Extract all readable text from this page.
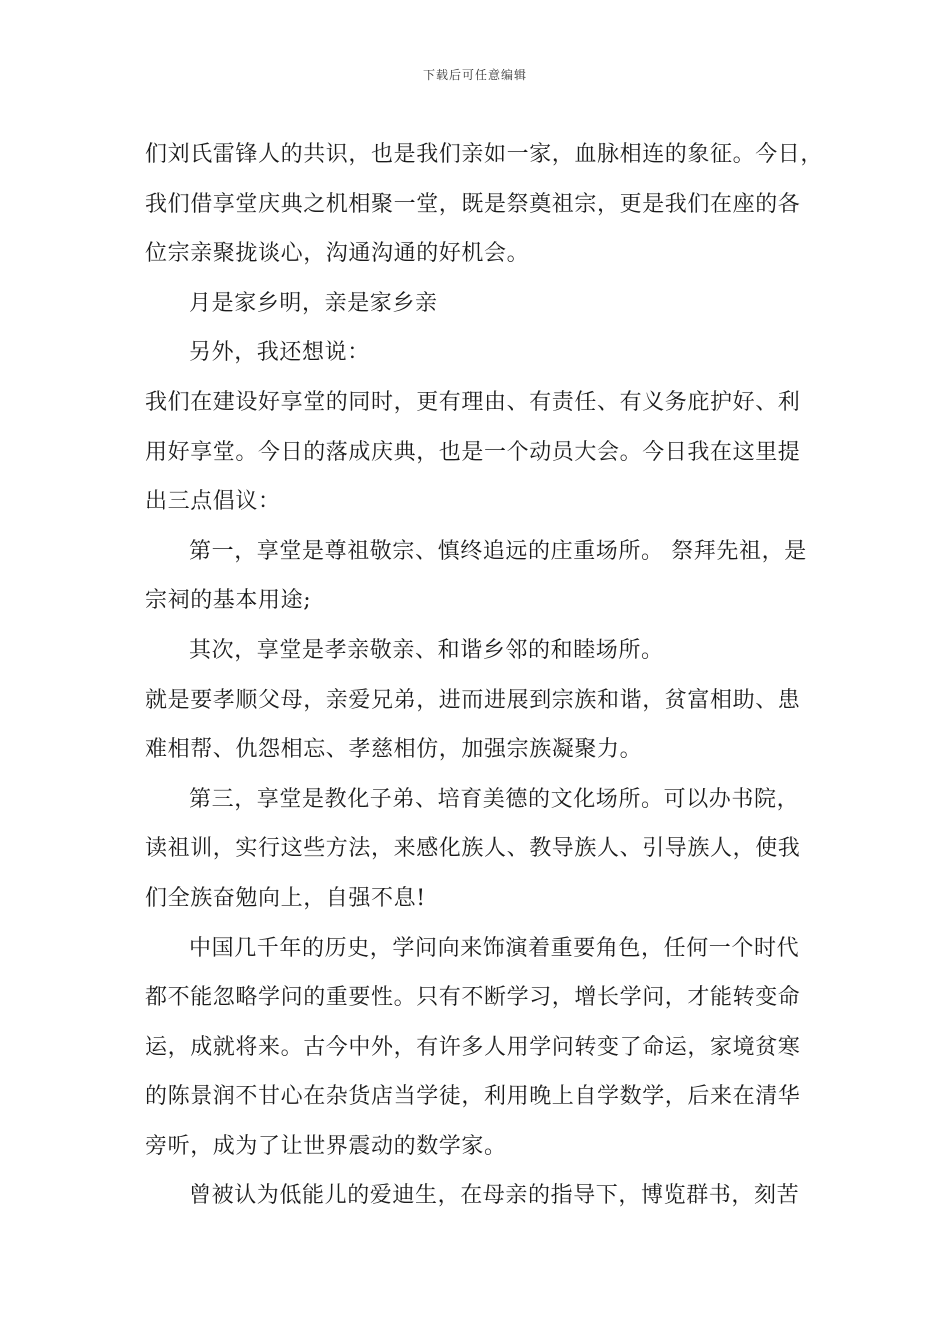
下载后可任意编辑
们刘氏雷锋人的共识，也是我们亲如一家，血脉相连的象征。今日，
我们借享堂庆典之机相聚一堂，既是祭奠祖宗，更是我们在座的各
位宗亲聚拢谈心，沟通沟通的好机会。
月是家乡明，亲是家乡亲
另外，我还想说：
我们在建设好享堂的同时，更有理由、有责任、有义务庇护好、利
用好享堂。今日的落成庆典，也是一个动员大会。今日我在这里提
出三点倡议：
第一，享堂是尊祖敬宗、慎终追远的庄重场所。 祭拜先祖，是
宗祠的基本用途;
其次，享堂是孝亲敬亲、和谐乡邻的和睦场所。
就是要孝顺父母，亲爱兄弟，进而进展到宗族和谐，贫富相助、患
难相帮、仇怨相忘、孝慈相仿，加强宗族凝聚力。
第三，享堂是教化子弟、培育美德的文化场所。可以办书院，
读祖训，实行这些方法，来感化族人、教导族人、引导族人，使我
们全族奋勉向上，自强不息!
中国几千年的历史，学问向来饰演着重要角色，任何一个时代
都不能忽略学问的重要性。只有不断学习，增长学问，才能转变命
运，成就将来。古今中外，有许多人用学问转变了命运，家境贫寒
的陈景润不甘心在杂货店当学徒，利用晚上自学数学，后来在清华
旁听，成为了让世界震动的数学家。
曾被认为低能儿的爱迪生，在母亲的指导下，博览群书，刻苦
